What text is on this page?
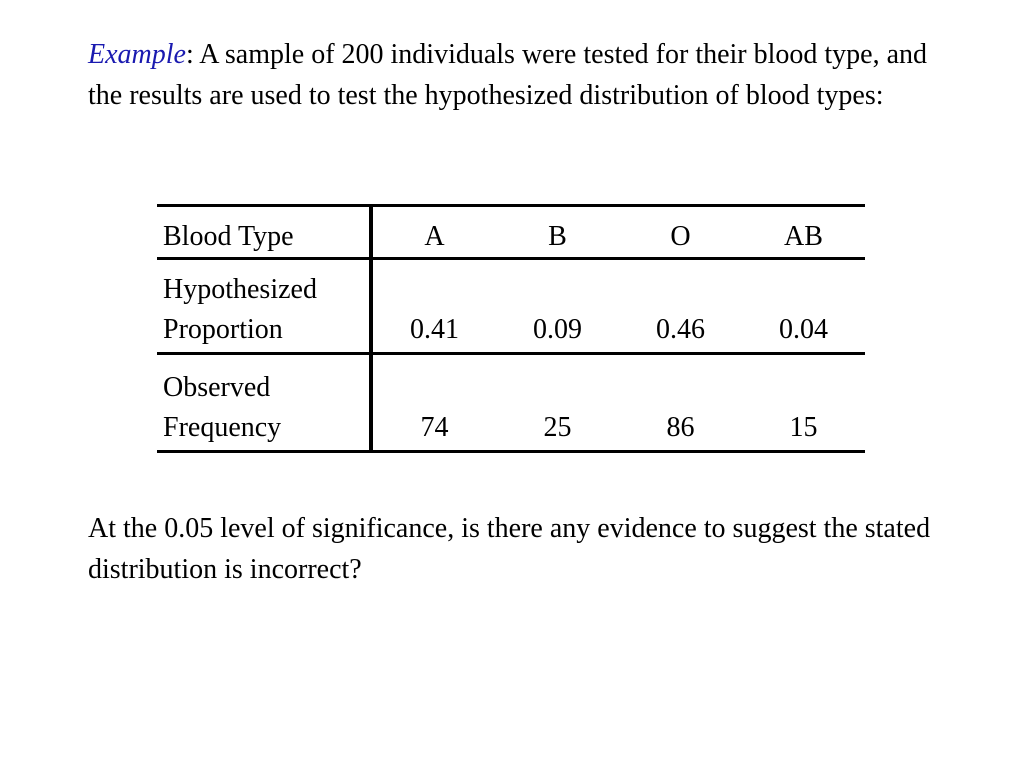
Example: A sample of 200 individuals were tested for their blood type, and the results are used to test the hypothesized distribution of blood types:

Blood Type	A	B	O	AB

Hypothesized
Proportion	0.41	0.09	0.46	0.04

Observed
Frequency	74	25	86	15

At the 0.05 level of significance, is there any evidence to suggest the stated distribution is incorrect?
